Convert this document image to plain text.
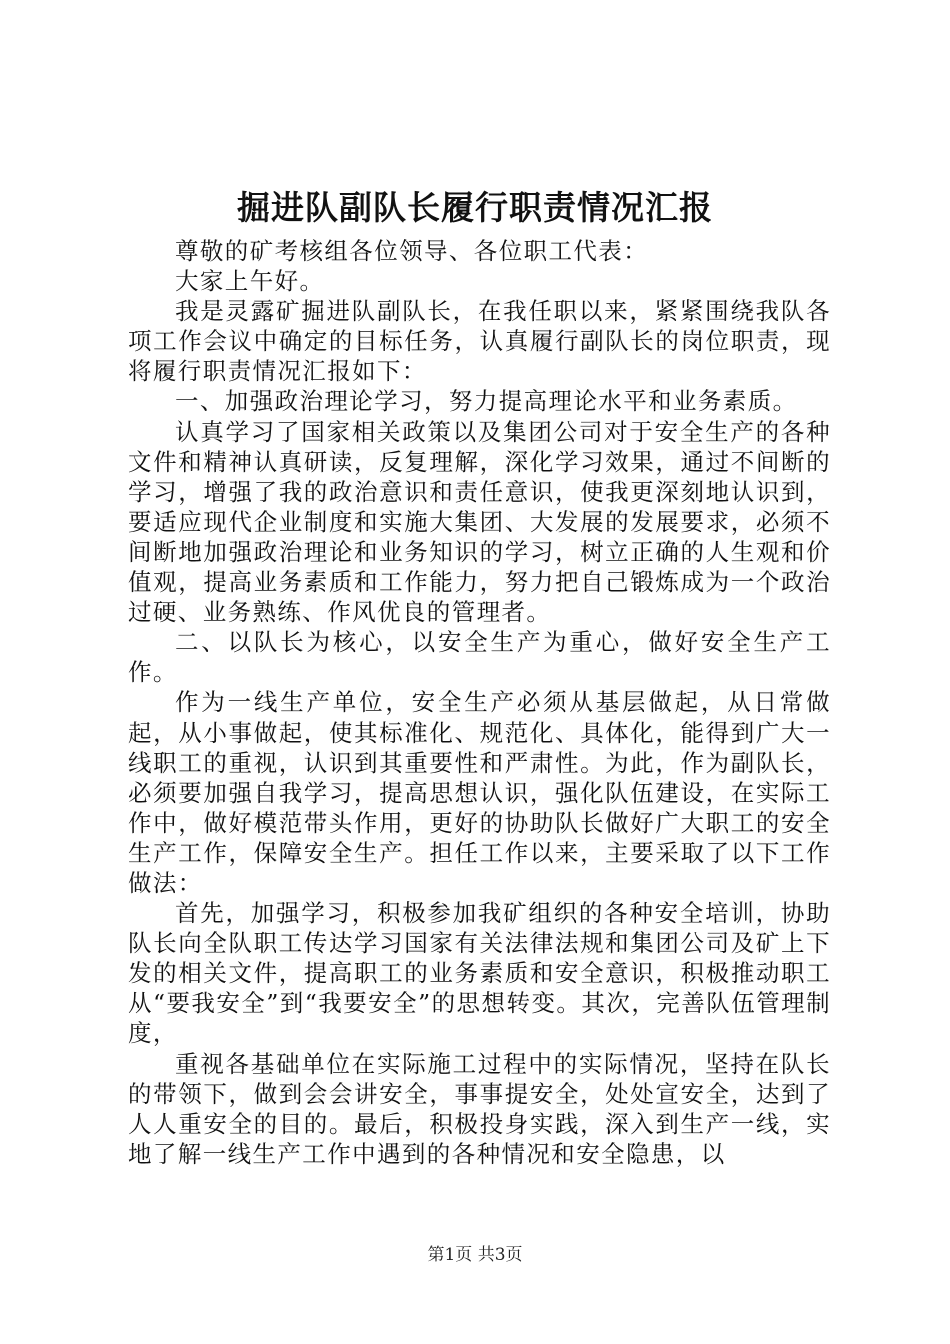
掘进队副队长履行职责情况汇报

尊敬的矿考核组各位领导、各位职工代表：

大家上午好。

我是灵露矿掘进队副队长，在我任职以来，紧紧围绕我队各项工作会议中确定的目标任务，认真履行副队长的岗位职责，现将履行职责情况汇报如下：

一、加强政治理论学习，努力提高理论水平和业务素质。

认真学习了国家相关政策以及集团公司对于安全生产的各种文件和精神认真研读，反复理解，深化学习效果，通过不间断的学习，增强了我的政治意识和责任意识，使我更深刻地认识到，要适应现代企业制度和实施大集团、大发展的发展要求，必须不间断地加强政治理论和业务知识的学习，树立正确的人生观和价值观，提高业务素质和工作能力，努力把自己锻炼成为一个政治过硬、业务熟练、作风优良的管理者。

二、以队长为核心，以安全生产为重心，做好安全生产工作。

作为一线生产单位，安全生产必须从基层做起，从日常做起，从小事做起，使其标准化、规范化、具体化，能得到广大一线职工的重视，认识到其重要性和严肃性。为此，作为副队长，必须要加强自我学习，提高思想认识，强化队伍建设，在实际工作中，做好模范带头作用，更好的协助队长做好广大职工的安全生产工作，保障安全生产。担任工作以来，主要采取了以下工作做法：

首先，加强学习，积极参加我矿组织的各种安全培训，协助队长向全队职工传达学习国家有关法律法规和集团公司及矿上下发的相关文件，提高职工的业务素质和安全意识，积极推动职工从“要我安全”到“我要安全”的思想转变。其次，完善队伍管理制度，

重视各基础单位在实际施工过程中的实际情况，坚持在队长的带领下，做到会会讲安全，事事提安全，处处宣安全，达到了人人重安全的目的。最后，积极投身实践，深入到生产一线，实地了解一线生产工作中遇到的各种情况和安全隐患，以

第1页 共3页
